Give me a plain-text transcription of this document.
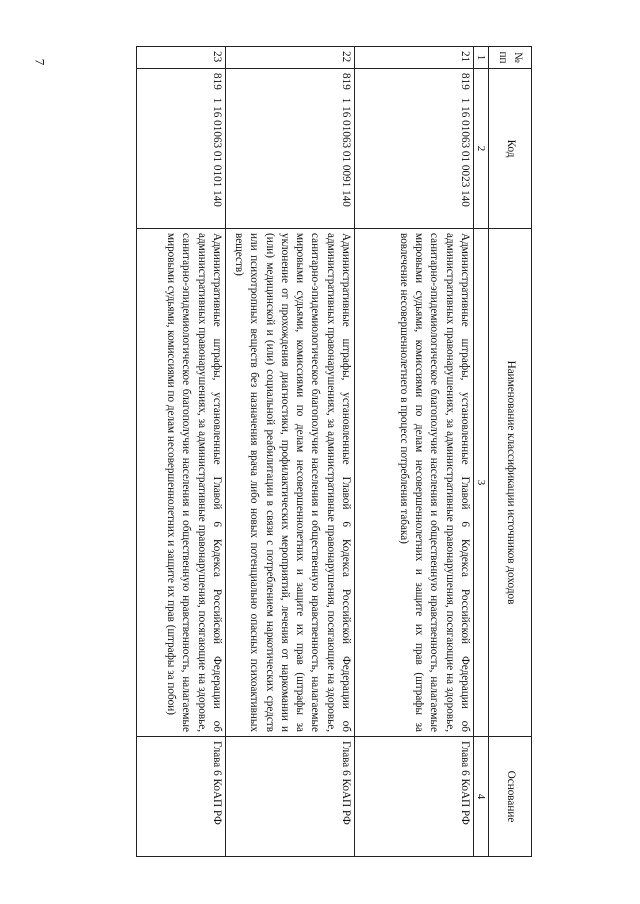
7	№ пп	Код	Наименование классификации источников доходов	Основание
1	2	3	4
21	8191 16 01063 01 0023 140	Административные штрафы, установленные Главой 6 Кодекса Российской Федерации об административных правонарушениях, за административные правонарушения, посягающие на здоровье, санитарно-эпидемиологическое благополучие населения и общественную нравственность, налагаемые мировыми судьями, комиссиями по делам несовершеннолетних и защите их прав (штрафы за вовлечение несовершеннолетнего в процесс потребления табака)	Глава 6 КоАП РФ
22	8191 16 01063 01 0091 140	Административные штрафы, установленные Главой 6 Кодекса Российской Федерации об административных правонарушениях, за административные правонарушения, посягающие на здоровье, санитарно-эпидемиологическое благополучие населения и общественную нравственность, налагаемые мировыми судьями, комиссиями по делам несовершеннолетних и защите их прав (штрафы за уклонение от прохождения диагностики, профилактических мероприятий, лечения от наркомании и (или) медицинской и (или) социальной реабилитации в связи с потреблением наркотических средств или психотропных веществ без назначения врача либо новых потенциально опасных психоактивных веществ)	Глава 6 КоАП РФ
23	8191 16 01063 01 0101 140	Административные штрафы, установленные Главой 6 Кодекса Российской Федерации об административных правонарушениях, за административные правонарушения, посягающие на здоровье, санитарно-эпидемиологическое благополучие населения и общественную нравственность, налагаемые мировыми судьями, комиссиями по делам несовершеннолетних и защите их прав (штрафы за побои)	Глава 6 КоАП РФ
